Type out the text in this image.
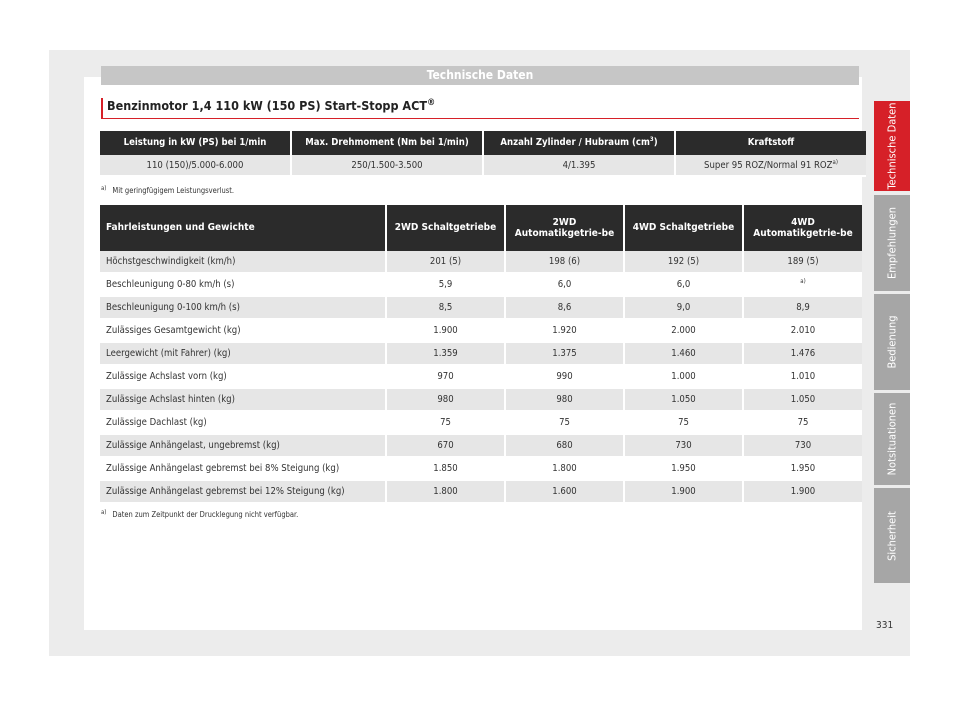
Technische Daten
Benzinmotor 1,4 110 kW (150 PS) Start-Stopp ACT®
Leistung in kW (PS) bei 1/min	Max. Drehmoment (Nm bei 1/min)	Anzahl Zylinder / Hubraum $(cm^3)$	Kraftstoff
110 (150)/5.000-6.000	250/1.500-3.500	4/1.395	Super 95 ROZ/Normal 91 ROZ$^{a)}$
$^{a)}$ Mit geringfügigem Leistungsverlust.
Fahrleistungen und Gewichte	2WD Schaltgetriebe	2WD Automatikgetrie-be	4WD Schaltgetriebe	4WD Automatikgetrie-be
Höchstgeschwindigkeit (km/h)	201 (5)	198 (6)	192 (5)	189 (5)
Beschleunigung 0-80 km/h (s)	5,9	6,0	6,0	$^{a)}$
Beschleunigung 0-100 km/h (s)	8,5	8,6	9,0	8,9
Zulässiges Gesamtgewicht (kg)	1.900	1.920	2.000	2.010
Leergewicht (mit Fahrer) (kg)	1.359	1.375	1.460	1.476
Zulässige Achslast vorn (kg)	970	990	1.000	1.010
Zulässige Achslast hinten (kg)	980	980	1.050	1.050
Zulässige Dachlast (kg)	75	75	75	75
Zulässige Anhängelast, ungebremst (kg)	670	680	730	730
Zulässige Anhängelast gebremst bei 8% Steigung (kg)	1.850	1.800	1.950	1.950
Zulässige Anhängelast gebremst bei 12% Steigung (kg)	1.800	1.600	1.900	1.900
$^{a)}$ Daten zum Zeitpunkt der Drucklegung nicht verfügbar.
Technische Daten
Empfehlungen
Bedienung
Notsituationen
Sicherheit
331
